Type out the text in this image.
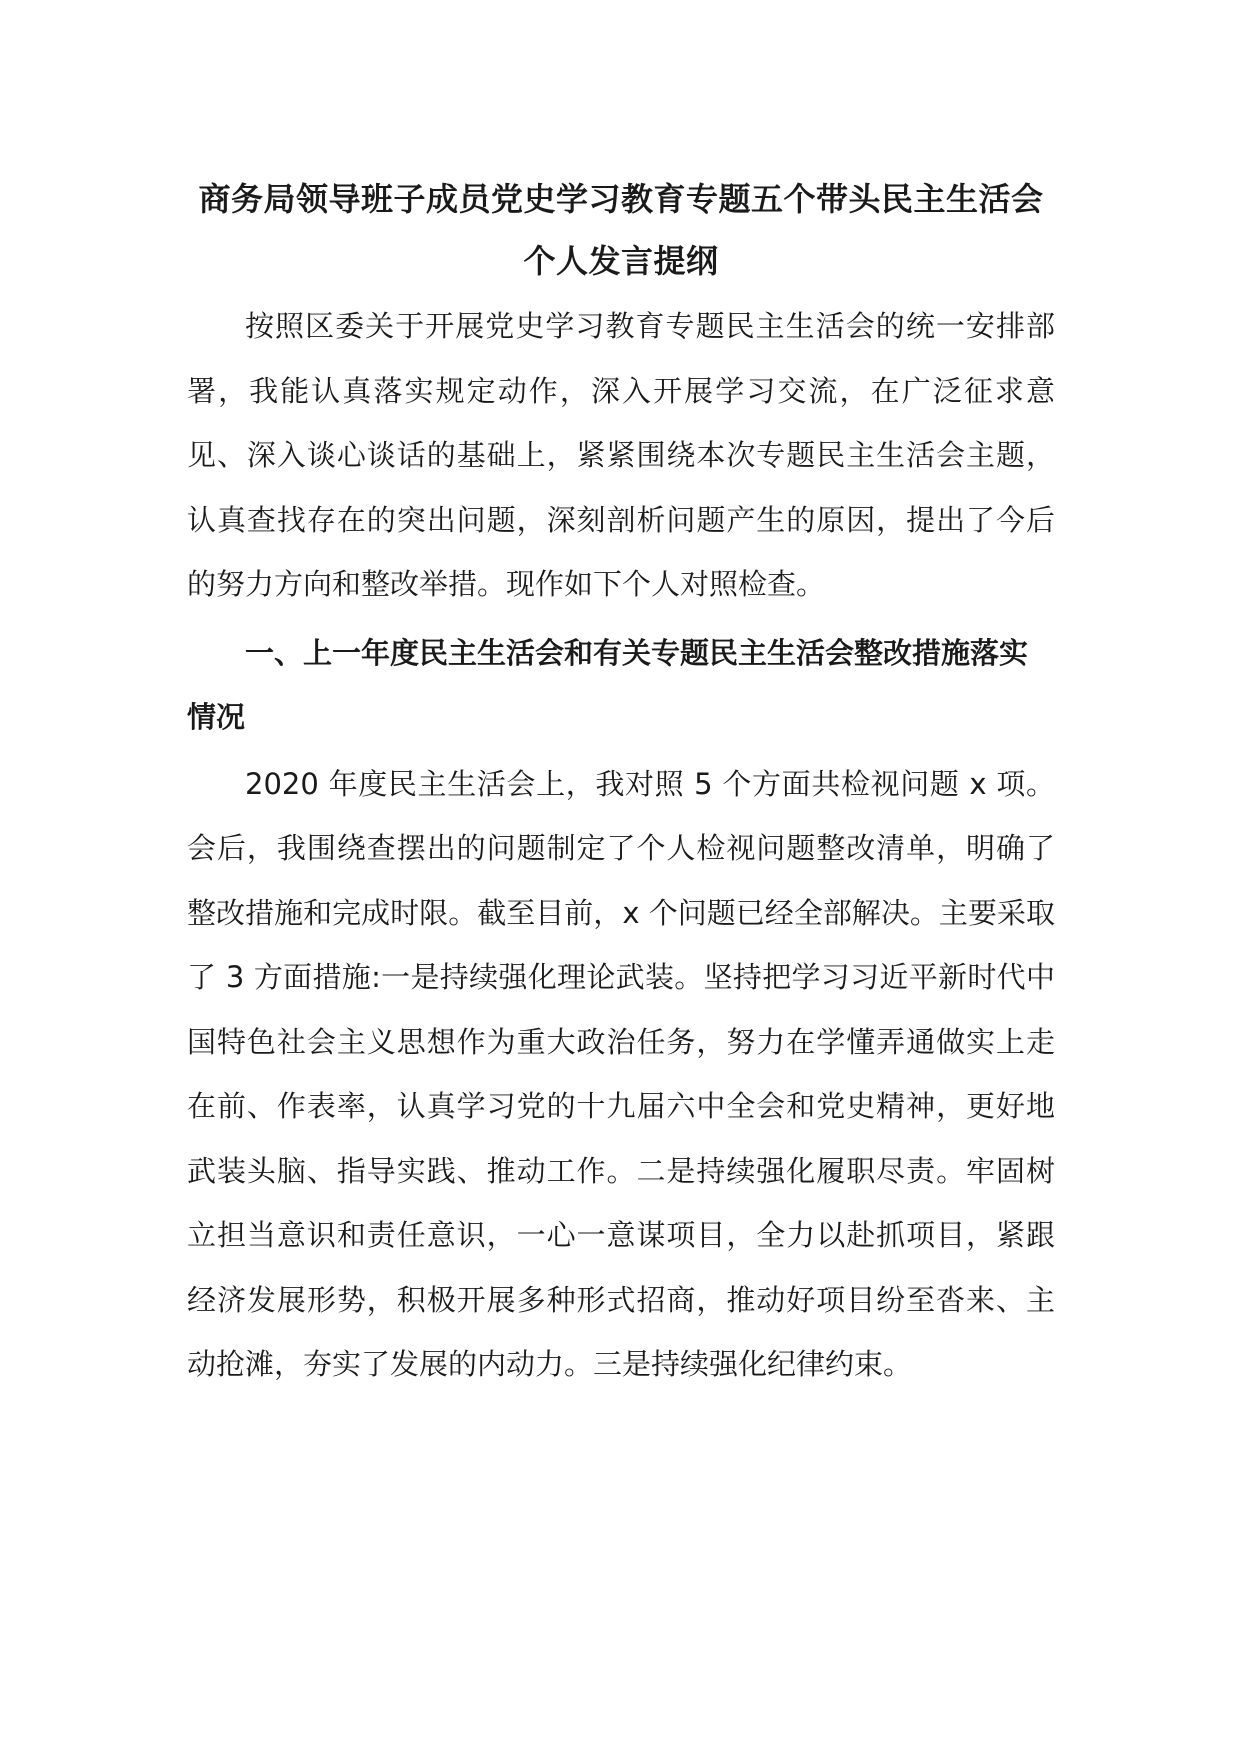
商务局领导班子成员党史学习教育专题五个带头民主生活会个人发言提纲

按照区委关于开展党史学习教育专题民主生活会的统一安排部署，我能认真落实规定动作，深入开展学习交流，在广泛征求意见、深入谈心谈话的基础上，紧紧围绕本次专题民主生活会主题，认真查找存在的突出问题，深刻剖析问题产生的原因，提出了今后的努力方向和整改举措。现作如下个人对照检查。

一、上一年度民主生活会和有关专题民主生活会整改措施落实情况

2020 年度民主生活会上，我对照 5 个方面共检视问题 x 项。会后，我围绕查摆出的问题制定了个人检视问题整改清单，明确了整改措施和完成时限。截至目前，x 个问题已经全部解决。主要采取了 3 方面措施:一是持续强化理论武装。坚持把学习习近平新时代中国特色社会主义思想作为重大政治任务，努力在学懂弄通做实上走在前、作表率，认真学习党的十九届六中全会和党史精神，更好地武装头脑、指导实践、推动工作。二是持续强化履职尽责。牢固树立担当意识和责任意识，一心一意谋项目，全力以赴抓项目，紧跟经济发展形势，积极开展多种形式招商，推动好项目纷至沓来、主动抢滩，夯实了发展的内动力。三是持续强化纪律约束。
